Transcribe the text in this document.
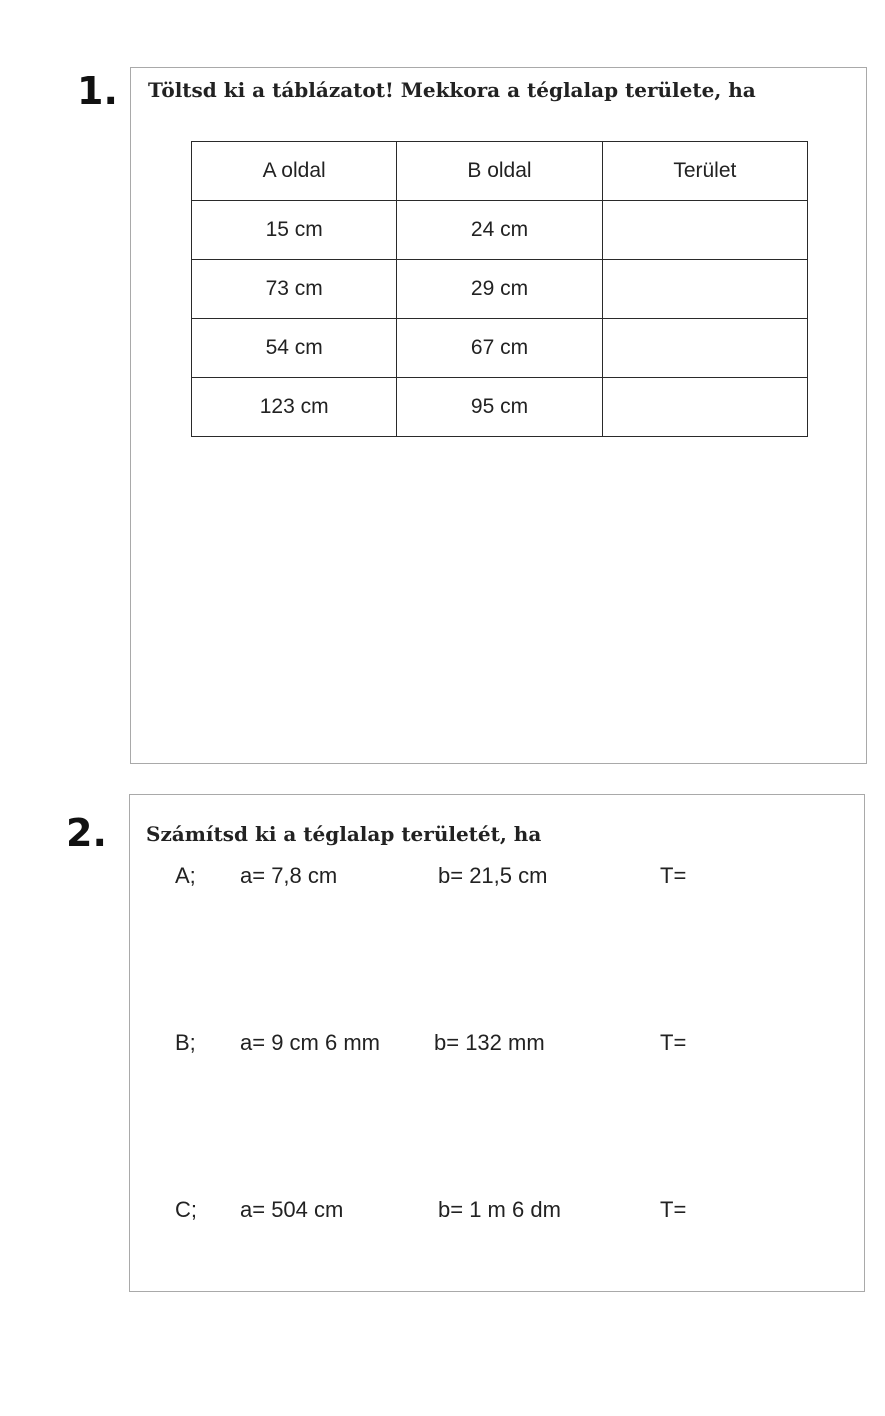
1. Töltsd ki a táblázatot! Mekkora a téglalap területe, ha
A oldal	B oldal	Terület
15 cm	24 cm	
73 cm	29 cm	
54 cm	67 cm	
123 cm	95 cm	
2. Számítsd ki a téglalap területét, ha
A; a= 7,8 cm	b= 21,5 cm	T=
B; a= 9 cm 6 mm b= 132 mm	T=
C; a= 504 cm	b= 1 m 6 dm	T=
